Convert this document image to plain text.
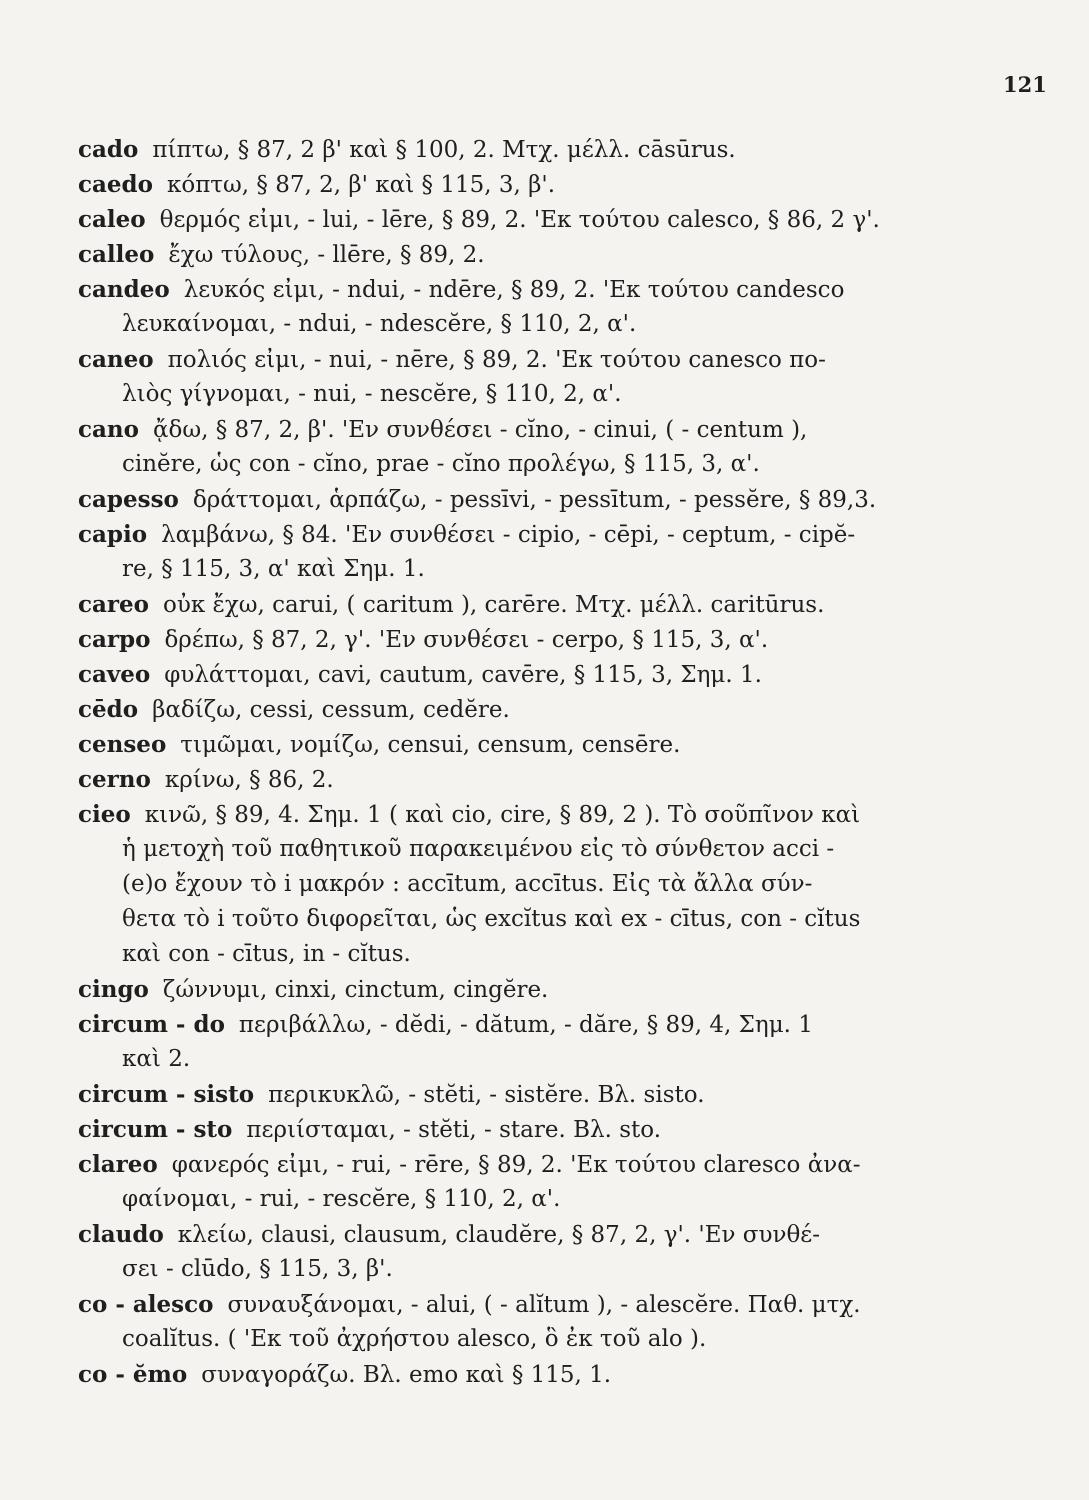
121
cado πίπτω, § 87, 2 β' καὶ § 100, 2. Μτχ. μέλλ. cāsūrus.
caedo κόπτω, § 87, 2, β' καὶ § 115, 3, β'.
caleo θερμός εἰμι, - lui, - lēre, § 89, 2. 'Εκ τούτου calesco, § 86, 2 γ'.
calleo ἔχω τύλους, - llēre, § 89, 2.
candeo λευκός εἰμι, - ndui, - ndēre, § 89, 2. 'Εκ τούτου candesco
λευκαίνομαι, - ndui, - ndescĕre, § 110, 2, α'.
caneo πολιός εἰμι, - nui, - nēre, § 89, 2. 'Εκ τούτου canesco πο-
λιὸς γίγνομαι, - nui, - nescĕre, § 110, 2, α'.
cano ᾄδω, § 87, 2, β'. 'Εν συνθέσει - cĭno, - cinui, ( - centum ),
cinĕre, ὡς con - cĭno, prae - cĭno προλέγω, § 115, 3, α'.
capesso δράττομαι, ἁρπάζω, - pessīvi, - pessītum, - pessĕre, § 89,3.
capio λαμβάνω, § 84. 'Εν συνθέσει - cipio, - cēpi, - ceptum, - cipĕ-
re, § 115, 3, α' καὶ Σημ. 1.
careo οὐκ ἔχω, carui, ( caritum ), carēre. Μτχ. μέλλ. caritūrus.
carpo δρέπω, § 87, 2, γ'. 'Εν συνθέσει - cerpo, § 115, 3, α'.
caveo φυλάττομαι, cavi, cautum, cavēre, § 115, 3, Σημ. 1.
cēdo βαδίζω, cessi, cessum, cedĕre.
censeo τιμῶμαι, νομίζω, censui, censum, censēre.
cerno κρίνω, § 86, 2.
cieo κινῶ, § 89, 4. Σημ. 1 ( καὶ cio, cire, § 89, 2 ). Τὸ σοῦπῖνον καὶ
ἡ μετοχὴ τοῦ παθητικοῦ παρακειμένου εἰς τὸ σύνθετον acci -
(e)o ἔχουν τὸ i μακρόν : accītum, accītus. Εἰς τὰ ἄλλα σύν-
θετα τὸ i τοῦτο διφορεῖται, ὡς excĭtus καὶ ex - cītus, con - cĭtus
καὶ con - cītus, in - cĭtus.
cingo ζώννυμι, cinxi, cinctum, cingĕre.
circum - do περιβάλλω, - dĕdi, - dătum, - dăre, § 89, 4, Σημ. 1
καὶ 2.
circum - sisto περικυκλῶ, - stĕti, - sistĕre. Βλ. sisto.
circum - sto περιίσταμαι, - stĕti, - stare. Βλ. sto.
clareo φανερός εἰμι, - rui, - rēre, § 89, 2. 'Εκ τούτου claresco ἀνα-
φαίνομαι, - rui, - rescĕre, § 110, 2, α'.
claudo κλείω, clausi, clausum, claudĕre, § 87, 2, γ'. 'Εν συνθέ-
σει - clūdo, § 115, 3, β'.
co - alesco συναυξάνομαι, - alui, ( - alĭtum ), - alescĕre. Παθ. μτχ.
coalĭtus. ( 'Εκ τοῦ ἀχρήστου alesco, ὃ ἐκ τοῦ alo ).
co - ĕmo συναγοράζω. Βλ. emo καὶ § 115, 1.
